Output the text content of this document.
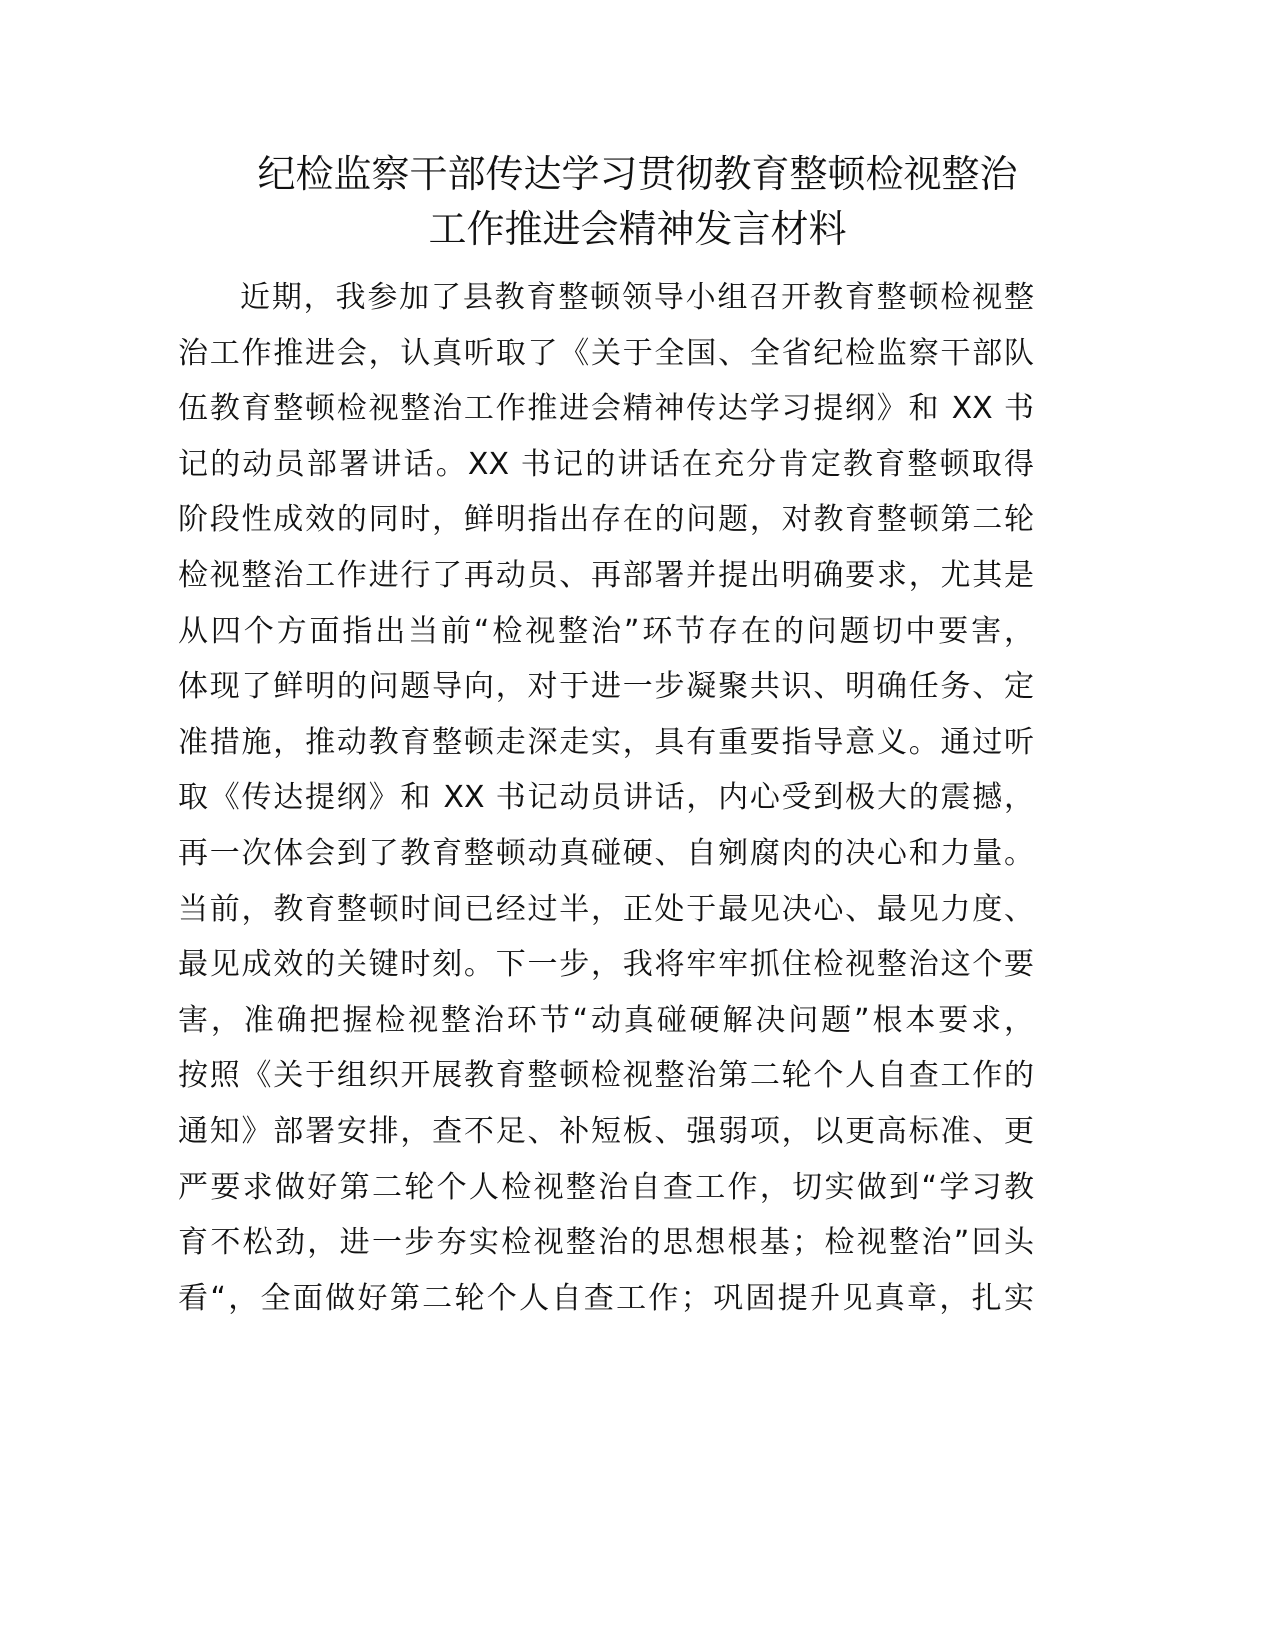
纪检监察干部传达学习贯彻教育整顿检视整治
工作推进会精神发言材料
近期，我参加了县教育整顿领导小组召开教育整顿检视整
治工作推进会，认真听取了《关于全国、全省纪检监察干部队
伍教育整顿检视整治工作推进会精神传达学习提纲》和 XX 书
记的动员部署讲话。XX 书记的讲话在充分肯定教育整顿取得
阶段性成效的同时，鲜明指出存在的问题，对教育整顿第二轮
检视整治工作进行了再动员、再部署并提出明确要求，尤其是
从四个方面指出当前“检视整治”环节存在的问题切中要害，
体现了鲜明的问题导向，对于进一步凝聚共识、明确任务、定
准措施，推动教育整顿走深走实，具有重要指导意义。通过听
取《传达提纲》和 XX 书记动员讲话，内心受到极大的震撼，
再一次体会到了教育整顿动真碰硬、自剜腐肉的决心和力量。
当前，教育整顿时间已经过半，正处于最见决心、最见力度、
最见成效的关键时刻。下一步，我将牢牢抓住检视整治这个要
害，准确把握检视整治环节“动真碰硬解决问题”根本要求，
按照《关于组织开展教育整顿检视整治第二轮个人自查工作的
通知》部署安排，查不足、补短板、强弱项，以更高标准、更
严要求做好第二轮个人检视整治自查工作，切实做到“学习教
育不松劲，进一步夯实检视整治的思想根基；检视整治”回头
看“，全面做好第二轮个人自查工作；巩固提升见真章，扎实
